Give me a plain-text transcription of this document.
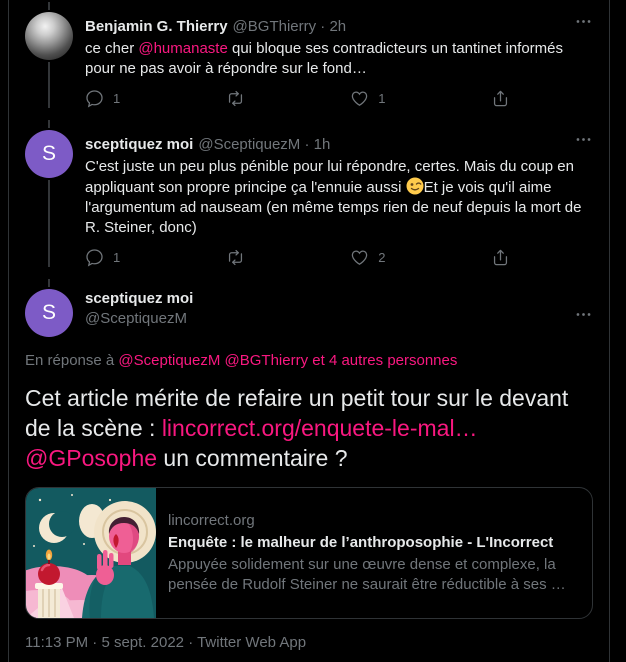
Benjamin G. Thierry @BGThierry · 2h
ce cher @humanaste qui bloque ses contradicteurs un tantinet informés
pour ne pas avoir à répondre sur le fond…
1	1
S	sceptiquez moi @SceptiquezM · 1h
C'est juste un peu plus pénible pour lui répondre, certes. Mais du coup en
appliquant son propre principe ça l'ennuie aussi
Et je vois qu'il aime
l'argumentum ad nauseam (en même temps rien de neuf depuis la mort de
R. Steiner, donc)
1	2
S
sceptiquez moi
@SceptiquezM
En réponse à @SceptiquezM @BGThierry et 4 autres personnes
Cet article mérite de refaire un petit tour sur le devant
de la scène : lincorrect.org/enquete-le-mal…
@GPosophe un commentaire ?
lincorrect.org
Enquête : le malheur de l’anthroposophie - L'Incorrect
Appuyée solidement sur une œuvre dense et complexe, la pensée de Rudolf Steiner ne saurait être réductible à ses …
11:13 PM · 5 sept. 2022 · Twitter Web App
